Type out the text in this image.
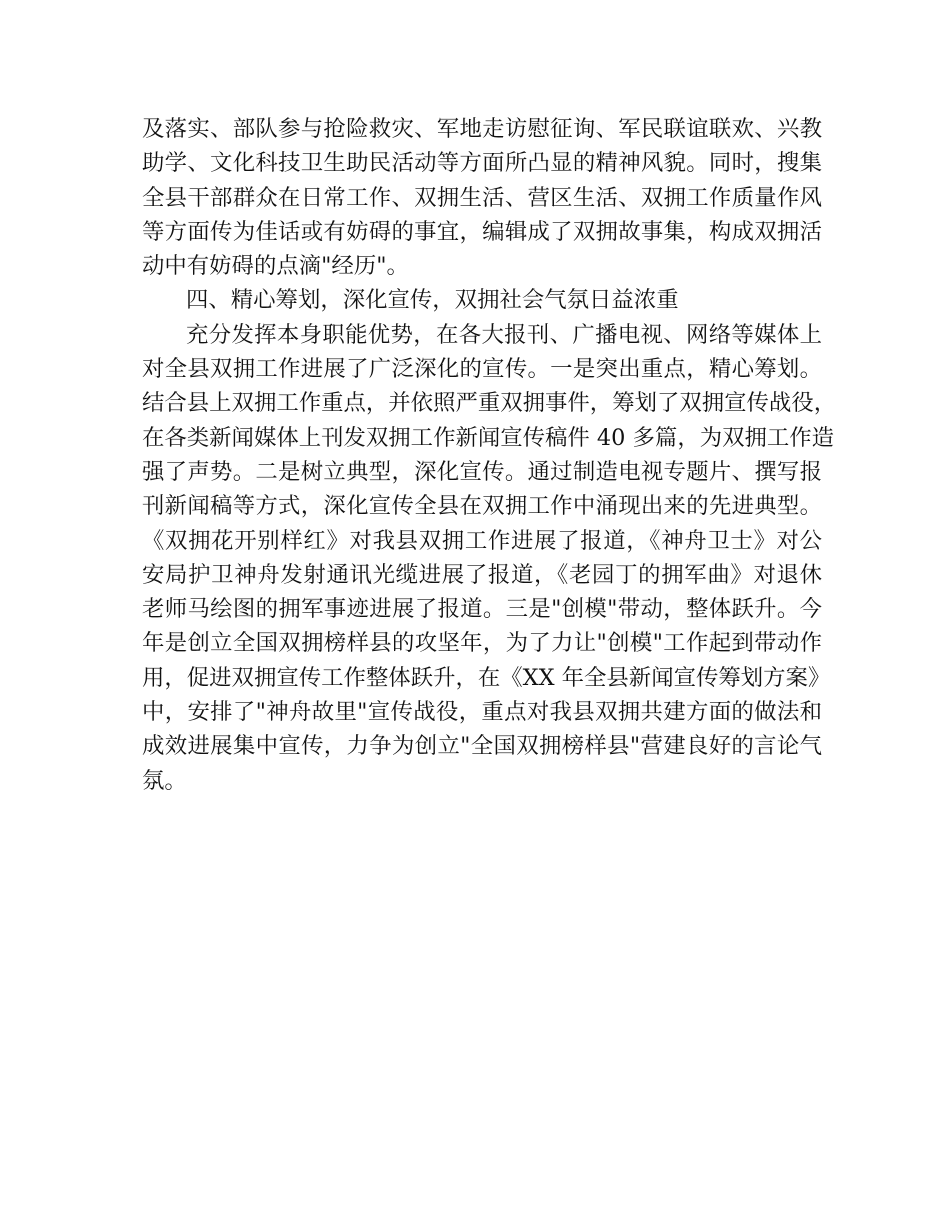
及落实、部队参与抢险救灾、军地走访慰征询、军民联谊联欢、兴教
助学、文化科技卫生助民活动等方面所凸显的精神风貌。同时，搜集
全县干部群众在日常工作、双拥生活、营区生活、双拥工作质量作风
等方面传为佳话或有妨碍的事宜，编辑成了双拥故事集，构成双拥活
动中有妨碍的点滴"经历"。
四、精心筹划，深化宣传，双拥社会气氛日益浓重
充分发挥本身职能优势，在各大报刊、广播电视、网络等媒体上
对全县双拥工作进展了广泛深化的宣传。一是突出重点，精心筹划。
结合县上双拥工作重点，并依照严重双拥事件，筹划了双拥宣传战役，
在各类新闻媒体上刊发双拥工作新闻宣传稿件 40 多篇，为双拥工作造
强了声势。二是树立典型，深化宣传。通过制造电视专题片、撰写报
刊新闻稿等方式，深化宣传全县在双拥工作中涌现出来的先进典型。
《双拥花开别样红》对我县双拥工作进展了报道，《神舟卫士》对公
安局护卫神舟发射通讯光缆进展了报道，《老园丁的拥军曲》对退休
老师马绘图的拥军事迹进展了报道。三是"创模"带动，整体跃升。今
年是创立全国双拥榜样县的攻坚年，为了力让"创模"工作起到带动作
用，促进双拥宣传工作整体跃升，在《XX 年全县新闻宣传筹划方案》
中，安排了"神舟故里"宣传战役，重点对我县双拥共建方面的做法和
成效进展集中宣传，力争为创立"全国双拥榜样县"营建良好的言论气
氛。
